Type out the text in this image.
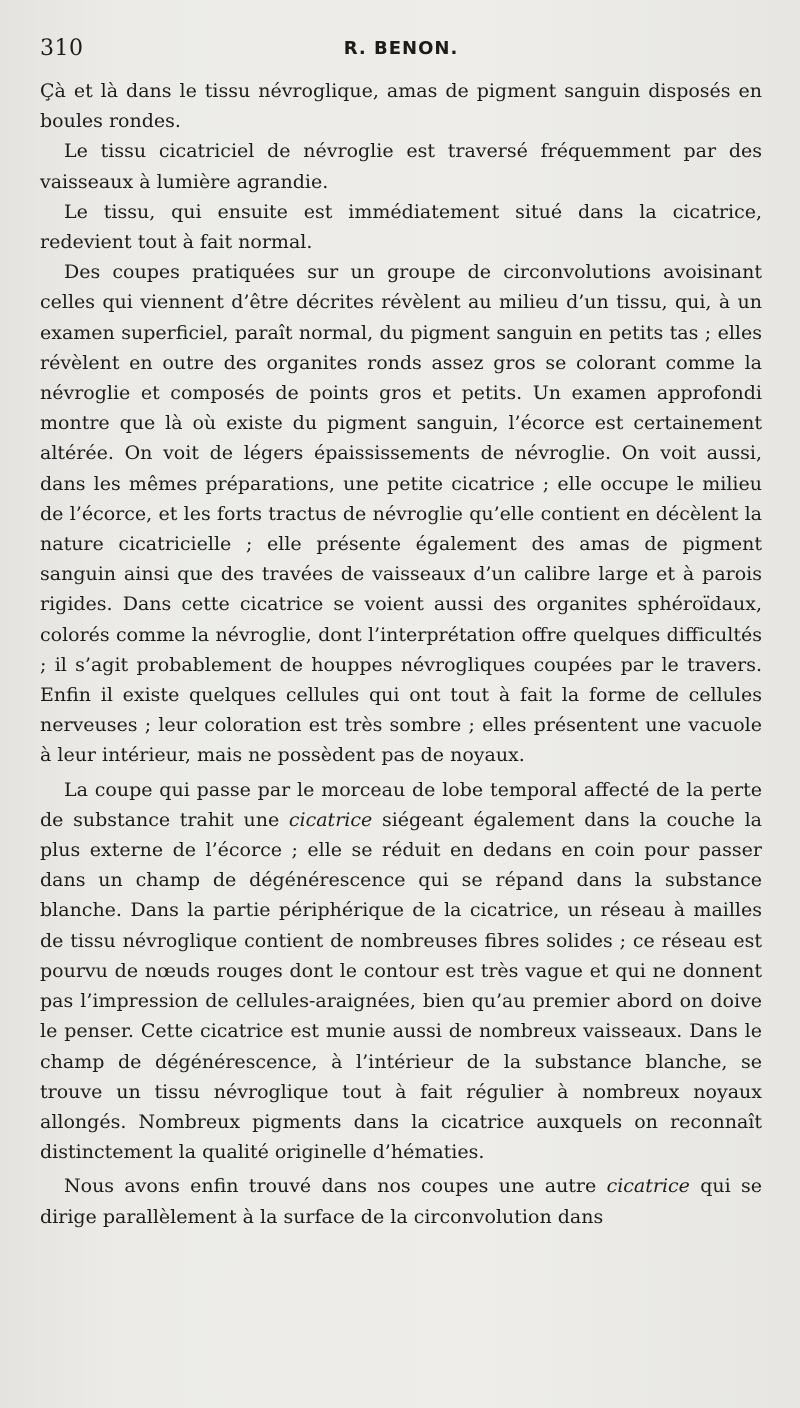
310	R. BENON.

Çà et là dans le tissu névroglique, amas de pigment sanguin disposés en boules rondes.

Le tissu cicatriciel de névroglie est traversé fréquemment par des vaisseaux à lumière agrandie.

Le tissu, qui ensuite est immédiatement situé dans la cicatrice, redevient tout à fait normal.

Des coupes pratiquées sur un groupe de circonvolutions avoisinant celles qui viennent d’être décrites révèlent au milieu d’un tissu, qui, à un examen superficiel, paraît normal, du pigment sanguin en petits tas ; elles révèlent en outre des organites ronds assez gros se colorant comme la névroglie et composés de points gros et petits. Un examen approfondi montre que là où existe du pigment sanguin, l’écorce est certainement altérée. On voit de légers épaississements de névroglie. On voit aussi, dans les mêmes préparations, une petite cicatrice ; elle occupe le milieu de l’écorce, et les forts tractus de névroglie qu’elle contient en décèlent la nature cicatricielle ; elle présente également des amas de pigment sanguin ainsi que des travées de vaisseaux d’un calibre large et à parois rigides. Dans cette cicatrice se voient aussi des organites sphéroïdaux, colorés comme la névroglie, dont l’interprétation offre quelques difficultés ; il s’agit probablement de houppes névrogliques coupées par le travers. Enfin il existe quelques cellules qui ont tout à fait la forme de cellules nerveuses ; leur coloration est très sombre ; elles présentent une vacuole à leur intérieur, mais ne possèdent pas de noyaux.

La coupe qui passe par le morceau de lobe temporal affecté de la perte de substance trahit une cicatrice siégeant également dans la couche la plus externe de l’écorce ; elle se réduit en dedans en coin pour passer dans un champ de dégénérescence qui se répand dans la substance blanche. Dans la partie périphérique de la cicatrice, un réseau à mailles de tissu névroglique contient de nombreuses fibres solides ; ce réseau est pourvu de nœuds rouges dont le contour est très vague et qui ne donnent pas l’impression de cellules-araignées, bien qu’au premier abord on doive le penser. Cette cicatrice est munie aussi de nombreux vaisseaux. Dans le champ de dégénérescence, à l’intérieur de la substance blanche, se trouve un tissu névroglique tout à fait régulier à nombreux noyaux allongés. Nombreux pigments dans la cicatrice auxquels on reconnaît distinctement la qualité originelle d’hématies.

Nous avons enfin trouvé dans nos coupes une autre cicatrice qui se dirige parallèlement à la surface de la circonvolution dans
